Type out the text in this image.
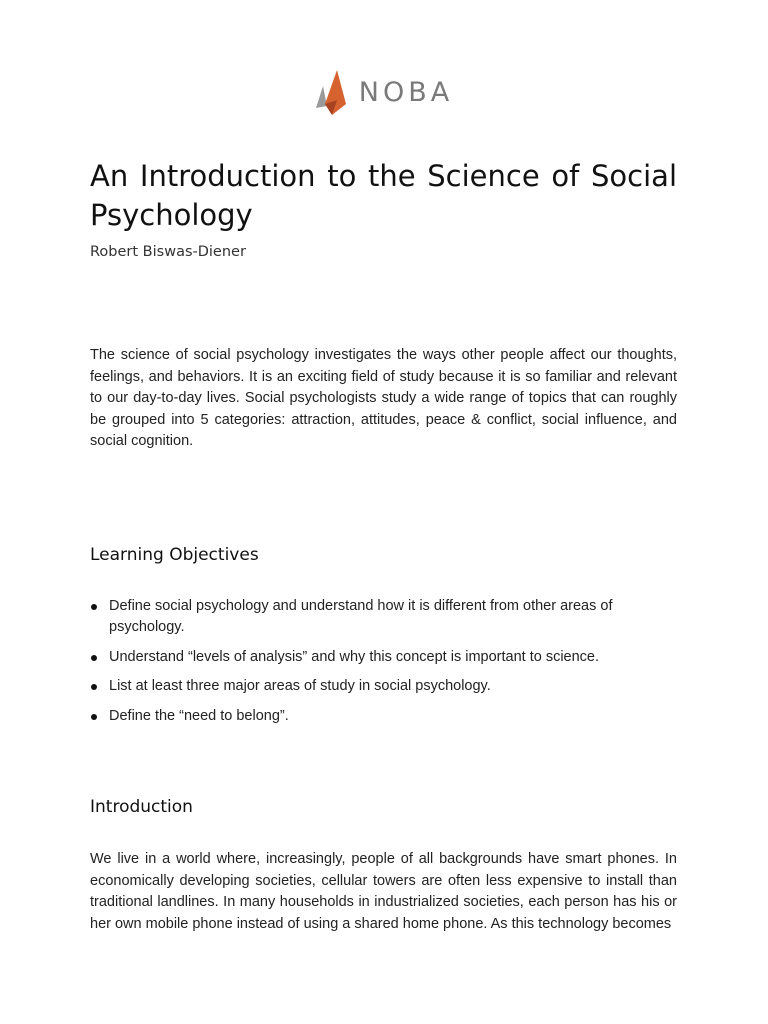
NOBA
An Introduction to the Science of Social Psychology

Robert Biswas-Diener

The science of social psychology investigates the ways other people affect our thoughts, feelings, and behaviors. It is an exciting field of study because it is so familiar and relevant to our day-to-day lives. Social psychologists study a wide range of topics that can roughly be grouped into 5 categories: attraction, attitudes, peace & conflict, social influence, and social cognition.

Learning Objectives
Define social psychology and understand how it is different from other areas of psychology.
Understand “levels of analysis” and why this concept is important to science.
List at least three major areas of study in social psychology.
Define the “need to belong”.
Introduction

We live in a world where, increasingly, people of all backgrounds have smart phones. In economically developing societies, cellular towers are often less expensive to install than traditional landlines. In many households in industrialized societies, each person has his or her own mobile phone instead of using a shared home phone. As this technology becomes
